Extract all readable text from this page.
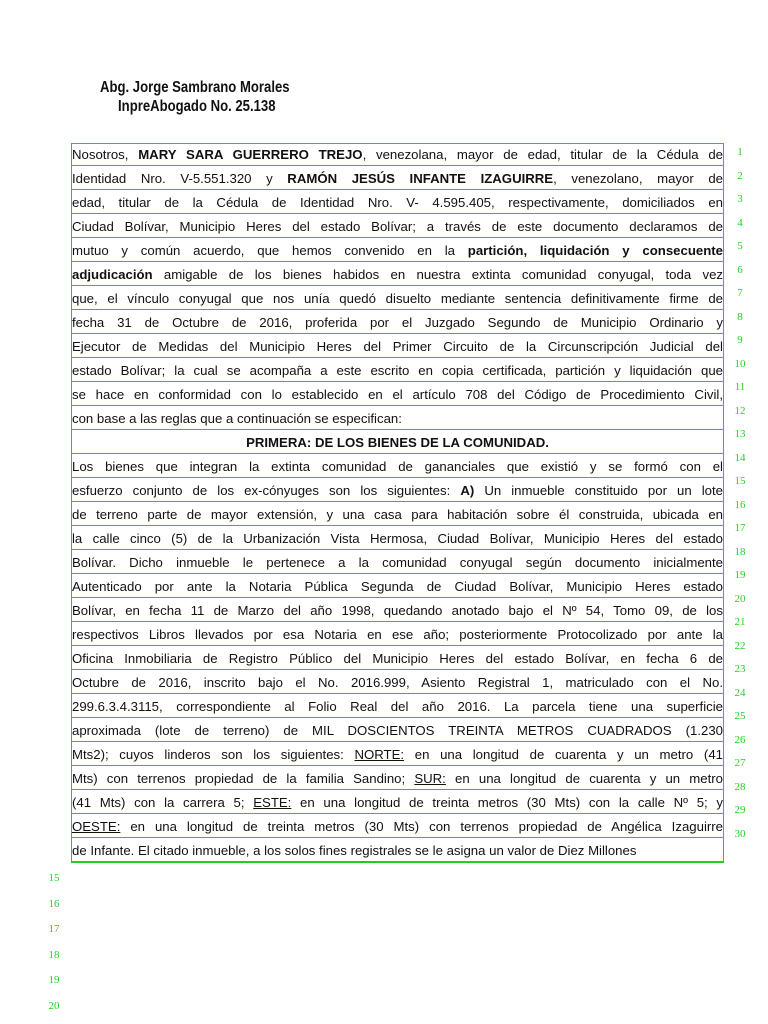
Abg. Jorge Sambrano Morales
InpreAbogado No. 25.138
Nosotros, MARY SARA GUERRERO TREJO, venezolana, mayor de edad, titular de la Cédula de
Identidad Nro. V-5.551.320 y RAMÓN JESÚS INFANTE IZAGUIRRE, venezolano, mayor de
edad, titular de la Cédula de Identidad Nro. V- 4.595.405, respectivamente, domiciliados en
Ciudad Bolívar, Municipio Heres del estado Bolívar; a través de este documento declaramos de
mutuo y común acuerdo, que hemos convenido en la partición, liquidación y consecuente
adjudicación amigable de los bienes habidos en nuestra extinta comunidad conyugal, toda vez
que, el vínculo conyugal que nos unía quedó disuelto mediante sentencia definitivamente firme de
fecha 31 de Octubre de 2016, proferida por el Juzgado Segundo de Municipio Ordinario y
Ejecutor de Medidas del Municipio Heres del Primer Circuito de la Circunscripción Judicial del
estado Bolívar; la cual se acompaña a este escrito en copia certificada, partición y liquidación que
se hace en conformidad con lo establecido en el artículo 708 del Código de Procedimiento Civil,
con base a las reglas que a continuación se especifican:
PRIMERA: DE LOS BIENES DE LA COMUNIDAD.
Los bienes que integran la extinta comunidad de gananciales que existió y se formó con el
esfuerzo conjunto de los ex-cónyuges son los siguientes: A) Un inmueble constituido por un lote
de terreno parte de mayor extensión, y una casa para habitación sobre él construida, ubicada en
la calle cinco (5) de la Urbanización Vista Hermosa, Ciudad Bolívar, Municipio Heres del estado
Bolívar. Dicho inmueble le pertenece a la comunidad conyugal según documento inicialmente
Autenticado por ante la Notaria Pública Segunda de Ciudad Bolívar, Municipio Heres estado
Bolívar, en fecha 11 de Marzo del año 1998, quedando anotado bajo el Nº 54, Tomo 09, de los
respectivos Libros llevados por esa Notaria en ese año; posteriormente Protocolizado por ante la
Oficina Inmobiliaria de Registro Público del Municipio Heres del estado Bolívar, en fecha 6 de
Octubre de 2016, inscrito bajo el No. 2016.999, Asiento Registral 1, matriculado con el No.
299.6.3.4.3115, correspondiente al Folio Real del año 2016. La parcela tiene una superficie
aproximada (lote de terreno) de MIL DOSCIENTOS TREINTA METROS CUADRADOS (1.230
Mts2); cuyos linderos son los siguientes: NORTE: en una longitud de cuarenta y un metro (41
Mts) con terrenos propiedad de la familia Sandino; SUR: en una longitud de cuarenta y un metro
(41 Mts) con la carrera 5; ESTE: en una longitud de treinta metros (30 Mts) con la calle Nº 5; y
OESTE: en una longitud de treinta metros (30 Mts) con terrenos propiedad de Angélica Izaguirre
de Infante. El citado inmueble, a los solos fines registrales se le asigna un valor de Diez Millones
1
2
3
4
5
6
7
8
9
10
11
12
13
14
15
16
17
18
19
20
21
22
23
24
25
26
27
28
29
30
15
16
17
18
19
20
